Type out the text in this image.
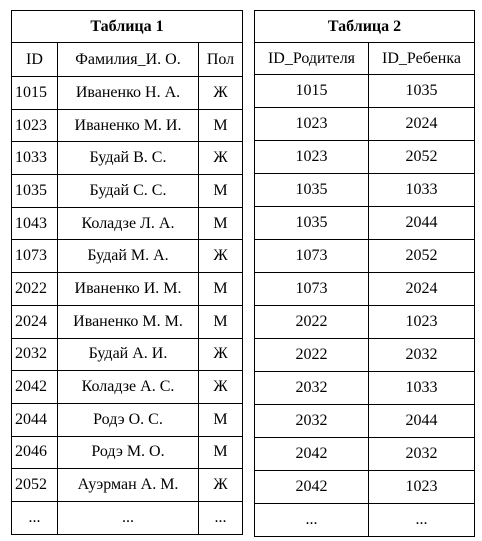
Таблица 1		
ID	Фамилия_И. О.	Пол
1015	Иваненко Н. А.	Ж
1023	Иваненко М. И.	М
1033	Будай В. С.	Ж
1035	Будай С. С.	М
1043	Коладзе Л. А.	М
1073	Будай М. А.	Ж
2022	Иваненко И. М.	М
2024	Иваненко М. М.	М
2032	Будай А. И.	Ж
2042	Коладзе А. С.	Ж
2044	Родэ О. С.	М
2046	Родэ М. О.	М
2052	Ауэрман А. М.	Ж
...	...	...
Таблица 2	
ID_Родителя	ID_Ребенка
1015	1035
1023	2024
1023	2052
1035	1033
1035	2044
1073	2052
1073	2024
2022	1023
2022	2032
2032	1033
2032	2044
2042	2032
2042	1023
...	...
